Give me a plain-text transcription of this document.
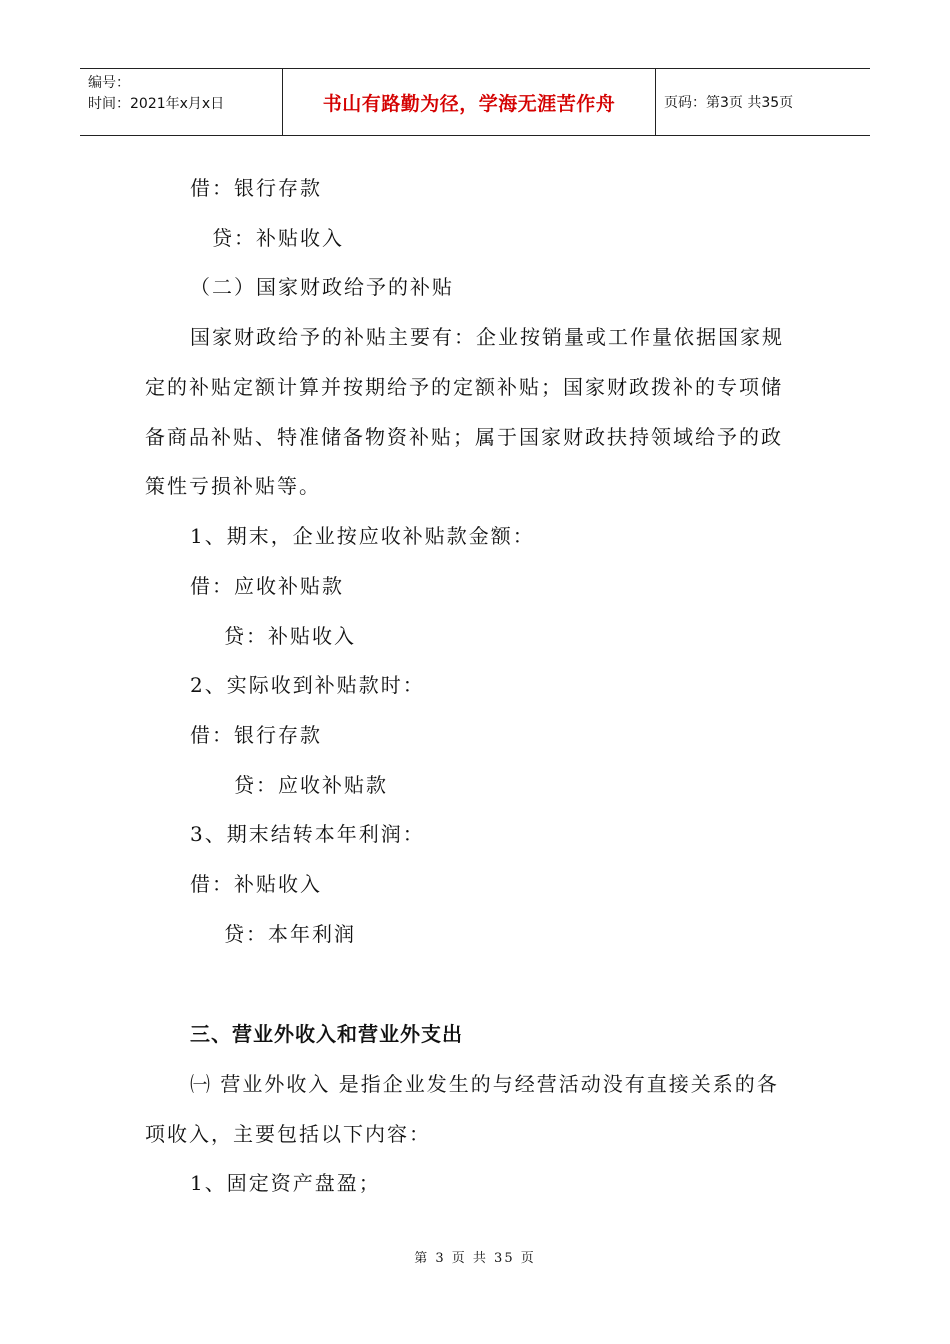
编号：
时间：2021年x月x日	书山有路勤为径，学海无涯苦作舟	页码：第3页 共35页
借：银行存款
贷：补贴收入
（二）国家财政给予的补贴
国家财政给予的补贴主要有：企业按销量或工作量依据国家规
定的补贴定额计算并按期给予的定额补贴；国家财政拨补的专项储
备商品补贴、特准储备物资补贴；属于国家财政扶持领域给予的政
策性亏损补贴等。
1、期末，企业按应收补贴款金额：
借：应收补贴款
贷：补贴收入
2、实际收到补贴款时：
借：银行存款
贷：应收补贴款
3、期末结转本年利润：
借：补贴收入
贷：本年利润
三、营业外收入和营业外支出
㈠ 营业外收入 是指企业发生的与经营活动没有直接关系的各
项收入，主要包括以下内容：
1、固定资产盘盈；
第 3 页 共 35 页
